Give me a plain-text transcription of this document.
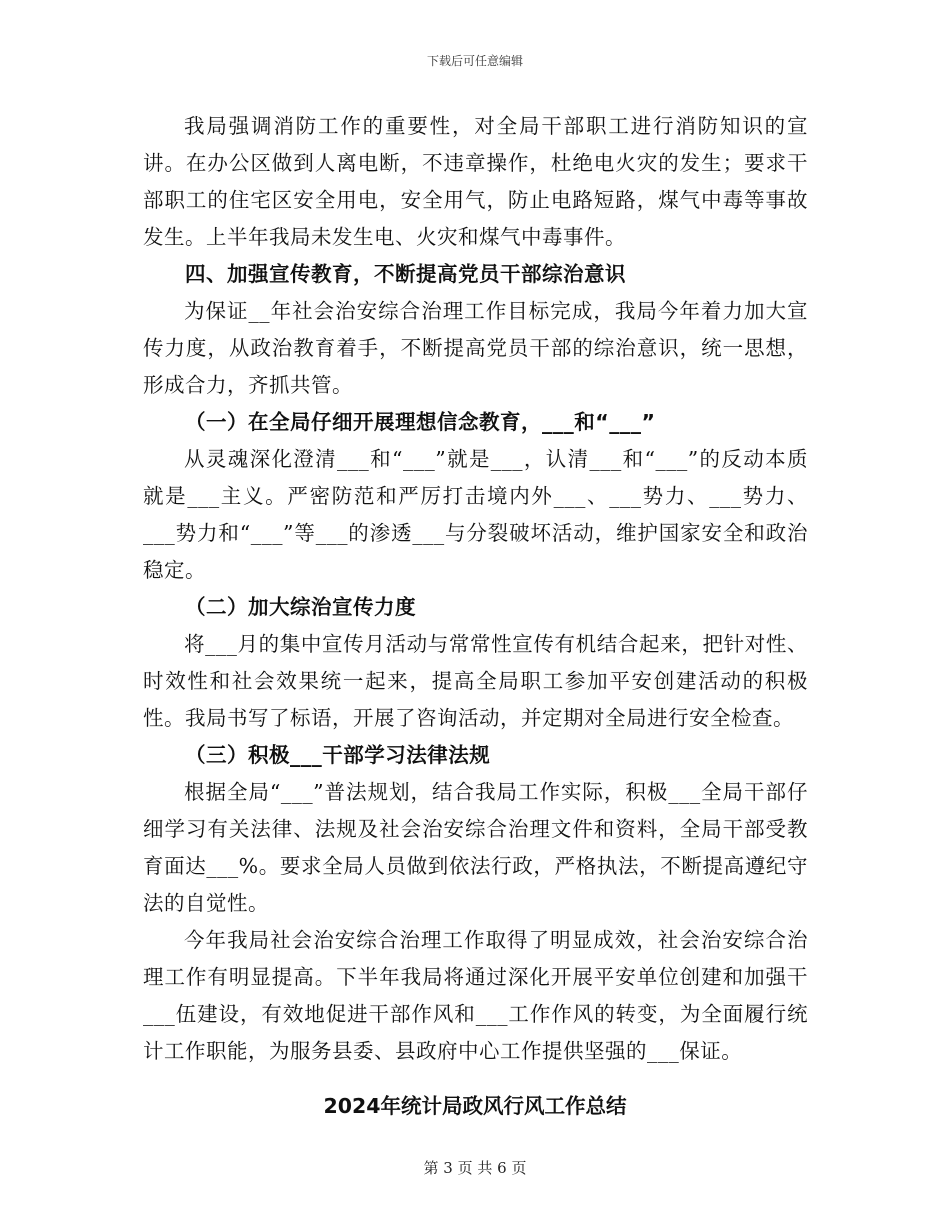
下载后可任意编辑

我局强调消防工作的重要性，对全局干部职工进行消防知识的宣讲。在办公区做到人离电断，不违章操作，杜绝电火灾的发生；要求干部职工的住宅区安全用电，安全用气，防止电路短路，煤气中毒等事故发生。上半年我局未发生电、火灾和煤气中毒事件。

四、加强宣传教育，不断提高党员干部综治意识

为保证__年社会治安综合治理工作目标完成，我局今年着力加大宣传力度，从政治教育着手，不断提高党员干部的综治意识，统一思想，形成合力，齐抓共管。

（一）在全局仔细开展理想信念教育，___和“___”

从灵魂深化澄清___和“___”就是___，认清___和“___”的反动本质就是___主义。严密防范和严厉打击境内外___、___势力、___势力、___势力和“___”等___的渗透___与分裂破坏活动，维护国家安全和政治稳定。

（二）加大综治宣传力度

将___月的集中宣传月活动与常常性宣传有机结合起来，把针对性、时效性和社会效果统一起来，提高全局职工参加平安创建活动的积极性。我局书写了标语，开展了咨询活动，并定期对全局进行安全检查。

（三）积极___干部学习法律法规

根据全局“___”普法规划，结合我局工作实际，积极___全局干部仔细学习有关法律、法规及社会治安综合治理文件和资料，全局干部受教育面达___%。要求全局人员做到依法行政，严格执法，不断提高遵纪守法的自觉性。

今年我局社会治安综合治理工作取得了明显成效，社会治安综合治理工作有明显提高。下半年我局将通过深化开展平安单位创建和加强干___伍建设，有效地促进干部作风和___工作作风的转变，为全面履行统计工作职能，为服务县委、县政府中心工作提供坚强的___保证。

2024年统计局政风行风工作总结
第 3 页 共 6 页
